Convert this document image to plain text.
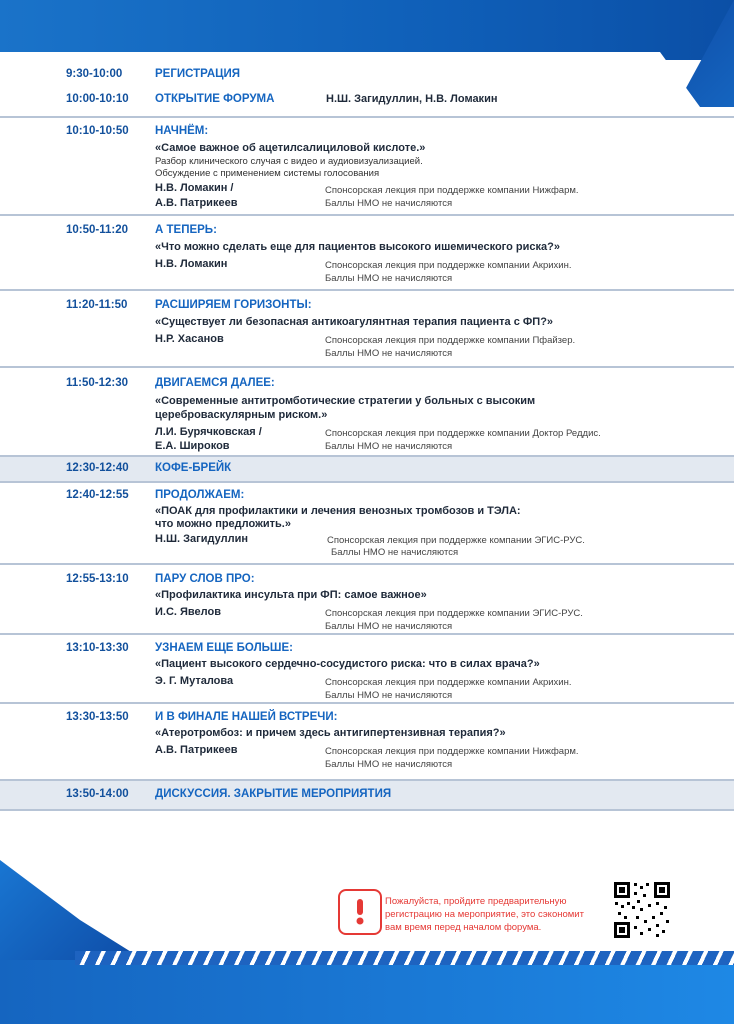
9:30-10:00	РЕГИСТРАЦИЯ
10:00-10:10 ОТКРЫТИЕ ФОРУМА	Н.Ш. Загидуллин, Н.В. Ломакин
10:10-10:50 НАЧНЁМ:
«Самое важное об ацетилсалициловой кислоте.»
Разбор клинического случая с видео и аудиовизуализацией.
Обсуждение с применением системы голосования
Н.В. Ломакин /
А.В. Патрикеев
Спонсорская лекция при поддержке компании Нижфарм.
Баллы НМО не начисляются
10:50-11:20 А ТЕПЕРЬ:
«Что можно сделать еще для пациентов высокого ишемического риска?»
Н.В. Ломакин	Спонсорская лекция при поддержке компании Акрихин.
Баллы НМО не начисляются
11:20-11:50 РАСШИРЯЕМ ГОРИЗОНТЫ:
«Существует ли безопасная антикоагулянтная терапия пациента с ФП?»
Н.Р. Хасанов	Спонсорская лекция при поддержке компании Пфайзер.
Баллы НМО не начисляются
11:50-12:30 ДВИГАЕМСЯ ДАЛЕЕ:
«Современные антитромботические стратегии у больных с высоким
цереброваскулярным риском.»
Л.И. Бурячковская /
Е.А. Широков
Спонсорская лекция при поддержке компании Доктор Реддис.
Баллы НМО не начисляются
12:30-12:40 КОФЕ-БРЕЙК
12:40-12:55 ПРОДОЛЖАЕМ:
«ПОАК для профилактики и лечения венозных тромбозов и ТЭЛА:
что можно предложить.»
Н.Ш. Загидуллин	Спонсорская лекция при поддержке компании ЭГИС-РУС.
Баллы НМО не начисляются
12:55-13:10 ПАРУ СЛОВ ПРО:
«Профилактика инсульта при ФП: самое важное»
И.С. Явелов	Спонсорская лекция при поддержке компании ЭГИС-РУС.
Баллы НМО не начисляются
13:10-13:30 УЗНАЕМ ЕЩЕ БОЛЬШЕ:
«Пациент высокого сердечно-сосудистого риска: что в силах врача?»
Э. Г. Муталова	Спонсорская лекция при поддержке компании Акрихин.
Баллы НМО не начисляются
13:30-13:50 И В ФИНАЛЕ НАШЕЙ ВСТРЕЧИ:
«Атеротромбоз: и причем здесь антигипертензивная терапия?»
А.В. Патрикеев	Спонсорская лекция при поддержке компании Нижфарм.
Баллы НМО не начисляются
13:50-14:00 ДИСКУССИЯ. ЗАКРЫТИЕ МЕРОПРИЯТИЯ
Пожалуйста, пройдите предварительную
регистрацию на мероприятие, это сэкономит
вам время перед началом форума.
